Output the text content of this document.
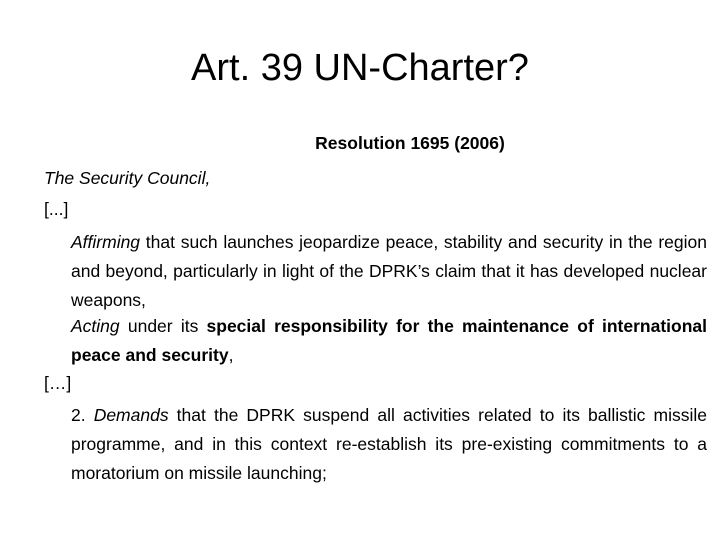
Art. 39 UN-Charter?
Resolution 1695 (2006)
The Security Council,
[...]
Affirming that such launches jeopardize peace, stability and security in the region and beyond, particularly in light of the DPRK’s claim that it has developed nuclear weapons,
Acting under its special responsibility for the maintenance of international peace and security,
[…]
2. Demands that the DPRK suspend all activities related to its ballistic missile programme, and in this context re-establish its pre-existing commitments to a moratorium on missile launching;
